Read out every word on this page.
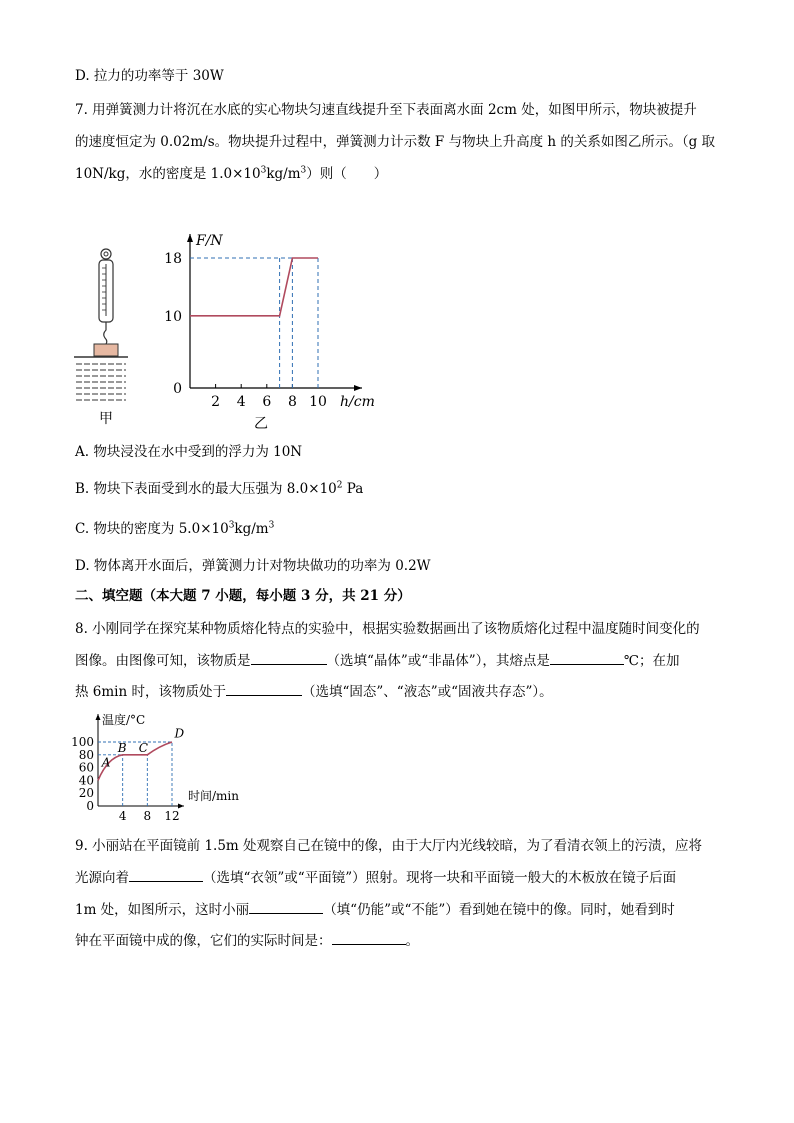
D. 拉力的功率等于 30W
7. 用弹簧测力计将沉在水底的实心物块匀速直线提升至下表面离水面 2cm 处，如图甲所示，物块被提升
的速度恒定为 0.02m/s。物块提升过程中，弹簧测力计示数 F 与物块上升高度 h 的关系如图乙所示。（g 取
10N/kg，水的密度是 $1.0\times 10^3kg/m^3$）则（　　）
甲
2 4 6 8 10
0
10
18
F/N
h/cm
乙
A. 物块浸没在水中受到的浮力为 10N
B. 物块下表面受到水的最大压强为 $8.0\times 10^2$ Pa
C. 物块的密度为 $5.0\times 10^3kg/m^3$
D. 物体离开水面后，弹簧测力计对物块做功的功率为 0.2W
二、填空题（本大题 7 小题，每小题 3 分，共 21 分）
8. 小刚同学在探究某种物质熔化特点的实验中，根据实验数据画出了该物质熔化过程中温度随时间变化的
图像。由图像可知，该物质是	（选填“晶体”或“非晶体”），其熔点是	℃；在加
热 6min 时，该物质处于	（选填“固态”、“液态”或“固液共存态”）。
4 8 12
0
20
40
60
80
100
A
B C
D
温度/°C
时间/min
9. 小丽站在平面镜前 1.5m 处观察自己在镜中的像，由于大厅内光线较暗，为了看清衣领上的污渍，应将
光源向着	（选填“衣领”或“平面镜”）照射。现将一块和平面镜一般大的木板放在镜子后面
1m 处，如图所示，这时小丽	（填“仍能”或“不能”）看到她在镜中的像。同时，她看到时
钟在平面镜中成的像，它们的实际时间是：	。
